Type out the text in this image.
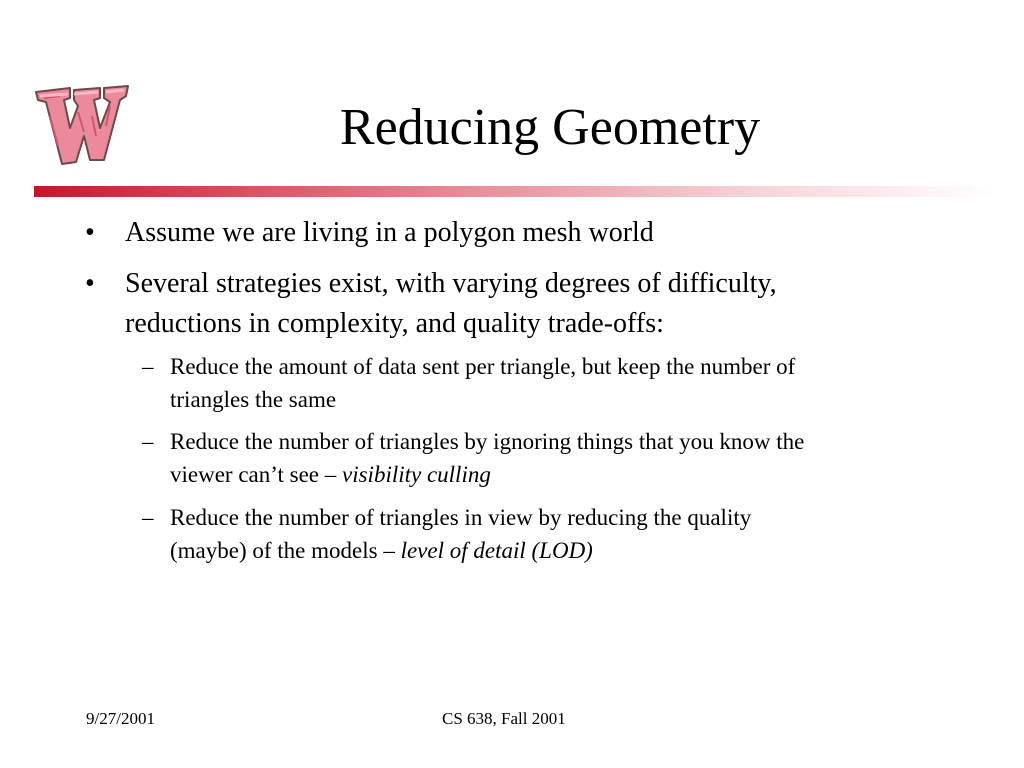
Reducing Geometry

• Assume we are living in a polygon mesh world

• Several strategies exist, with varying degrees of difficulty,
reductions in complexity, and quality trade-offs:

– Reduce the amount of data sent per triangle, but keep the number of
triangles the same

– Reduce the number of triangles by ignoring things that you know the
viewer can’t see – visibility culling

– Reduce the number of triangles in view by reducing the quality
(maybe) of the models – level of detail (LOD)

9/27/2001	CS 638, Fall 2001
